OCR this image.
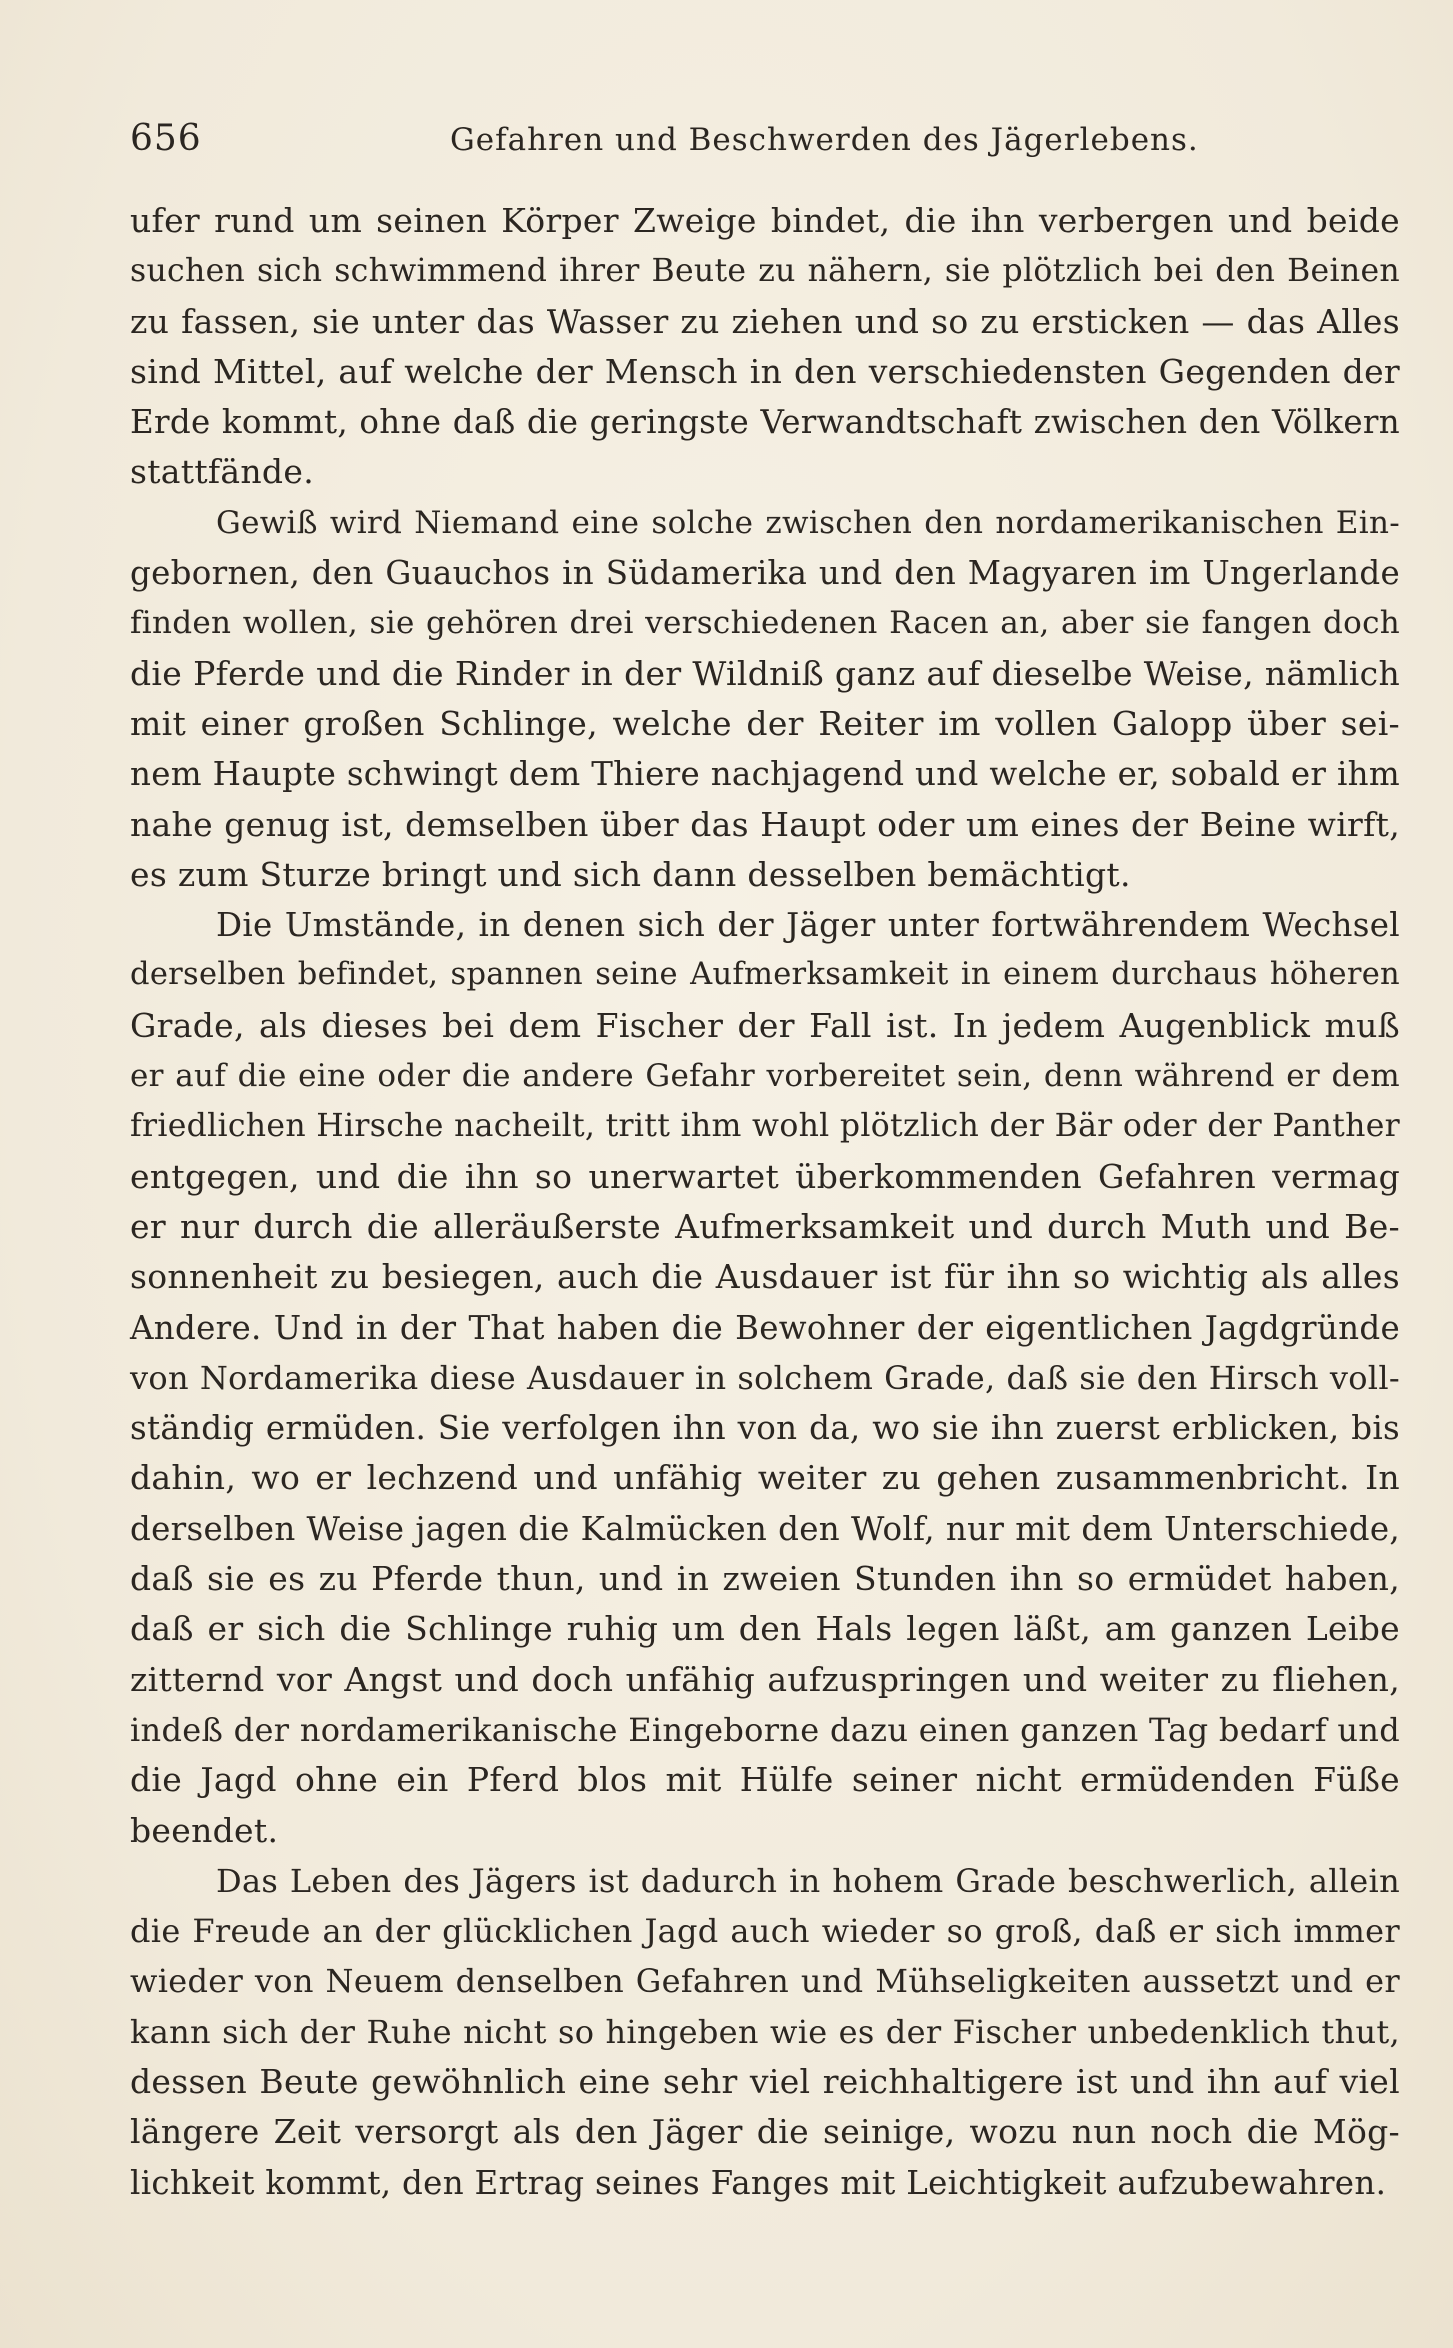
656	Gefahren und Beschwerden des Jägerlebens.
ufer rund um seinen Körper Zweige bindet, die ihn verbergen und beide
suchen sich schwimmend ihrer Beute zu nähern, sie plötzlich bei den Beinen
zu fassen, sie unter das Wasser zu ziehen und so zu ersticken — das Alles
sind Mittel, auf welche der Mensch in den verschiedensten Gegenden der
Erde kommt, ohne daß die geringste Verwandtschaft zwischen den Völkern
stattfände.
Gewiß wird Niemand eine solche zwischen den nordamerikanischen Ein-
gebornen, den Guauchos in Südamerika und den Magyaren im Ungerlande
finden wollen, sie gehören drei verschiedenen Racen an, aber sie fangen doch
die Pferde und die Rinder in der Wildniß ganz auf dieselbe Weise, nämlich
mit einer großen Schlinge, welche der Reiter im vollen Galopp über sei-
nem Haupte schwingt dem Thiere nachjagend und welche er, sobald er ihm
nahe genug ist, demselben über das Haupt oder um eines der Beine wirft,
es zum Sturze bringt und sich dann desselben bemächtigt.
Die Umstände, in denen sich der Jäger unter fortwährendem Wechsel
derselben befindet, spannen seine Aufmerksamkeit in einem durchaus höheren
Grade, als dieses bei dem Fischer der Fall ist. In jedem Augenblick muß
er auf die eine oder die andere Gefahr vorbereitet sein, denn während er dem
friedlichen Hirsche nacheilt, tritt ihm wohl plötzlich der Bär oder der Panther
entgegen, und die ihn so unerwartet überkommenden Gefahren vermag
er nur durch die alleräußerste Aufmerksamkeit und durch Muth und Be-
sonnenheit zu besiegen, auch die Ausdauer ist für ihn so wichtig als alles
Andere. Und in der That haben die Bewohner der eigentlichen Jagdgründe
von Nordamerika diese Ausdauer in solchem Grade, daß sie den Hirsch voll-
ständig ermüden. Sie verfolgen ihn von da, wo sie ihn zuerst erblicken, bis
dahin, wo er lechzend und unfähig weiter zu gehen zusammenbricht. In
derselben Weise jagen die Kalmücken den Wolf, nur mit dem Unterschiede,
daß sie es zu Pferde thun, und in zweien Stunden ihn so ermüdet haben,
daß er sich die Schlinge ruhig um den Hals legen läßt, am ganzen Leibe
zitternd vor Angst und doch unfähig aufzuspringen und weiter zu fliehen,
indeß der nordamerikanische Eingeborne dazu einen ganzen Tag bedarf und
die Jagd ohne ein Pferd blos mit Hülfe seiner nicht ermüdenden Füße
beendet.
Das Leben des Jägers ist dadurch in hohem Grade beschwerlich, allein
die Freude an der glücklichen Jagd auch wieder so groß, daß er sich immer
wieder von Neuem denselben Gefahren und Mühseligkeiten aussetzt und er
kann sich der Ruhe nicht so hingeben wie es der Fischer unbedenklich thut,
dessen Beute gewöhnlich eine sehr viel reichhaltigere ist und ihn auf viel
längere Zeit versorgt als den Jäger die seinige, wozu nun noch die Mög-
lichkeit kommt, den Ertrag seines Fanges mit Leichtigkeit aufzubewahren.
